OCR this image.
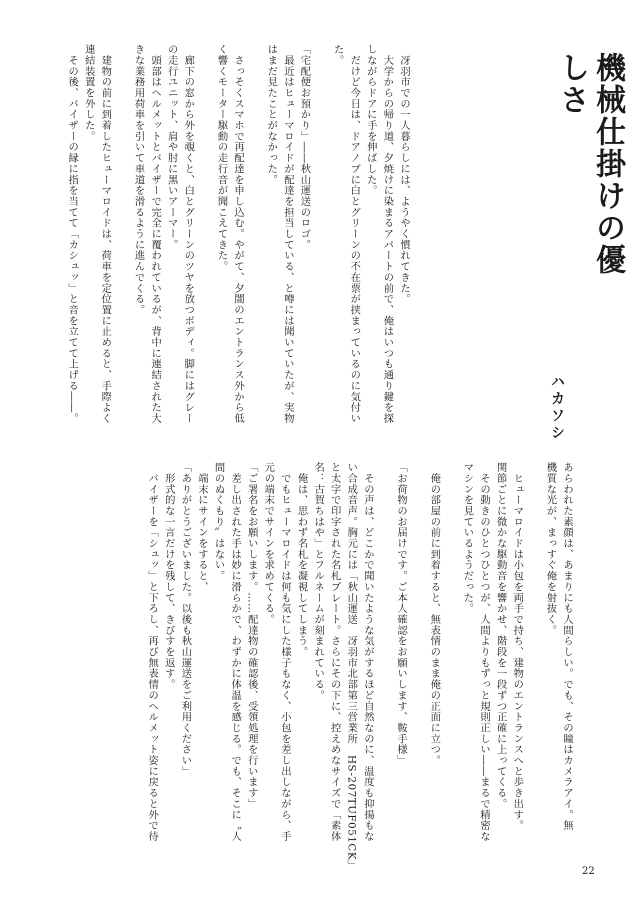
機械仕掛けの優しさ
ハカソシ

　冴羽市での一人暮らしには、ようやく慣れてきた。

　大学からの帰り道、夕焼けに染まるアパートの前で、俺はいつも通り鍵を探

しながらドアに手を伸ばした。

　だけど今日は、ドアノブに白とグリーンの不在票が挟まっているのに気付い

た。

「宅配便お預かり」――秋山運送のロゴ。

　最近はヒューマロイドが配達を担当している、と噂には聞いていたが、実物

はまだ見たことがなかった。

　さっそくスマホで再配達を申し込む。やがて、夕闇のエントランス外から低

く響くモーター駆動の走行音が聞こえてきた。

　廊下の窓から外を覗くと、白とグリーンのツヤを放つボディ。脚にはグレー

の走行ユニット、肩や肘に黒いアーマー。

　頭部はヘルメットとバイザーで完全に覆われているが、背中に連結された大

きな業務用荷車を引いて車道を滑るように進んでくる。

　建物の前に到着したヒューマロイドは、荷車を定位置に止めると、手際よく

連結装置を外した。

　その後、バイザーの縁に指を当てて「カシュッ」と音を立てて上げる――。

あらわれた素顔は、あまりにも人間らしい。でも、その瞳はカメラアイ。無

機質な光が、まっすぐ俺を射抜く。

　ヒューマロイドは小包を両手で持ち、建物のエントランスへと歩き出す。

関節ごとに微かな駆動音を響かせ、階段を一段ずつ正確に上ってくる。

　その動きのひとつひとつが、人間よりもずっと規則正しい――まるで精密な

マシンを見ているようだった。

　俺の部屋の前に到着すると、無表情のまま俺の正面に立つ。

「お荷物のお届けです。ご本人確認をお願いします、鞍手様」

　その声は、どこかで聞いたような気がするほど自然なのに、温度も抑揚もな

い合成音声。胸元には「秋山運送　冴羽市北部第三営業所　HS-207TUF051CK」

と太字で印字された名札プレート。さらにその下に、控えめなサイズで「素体

名：古賀ちはや」とフルネームが刻まれている。

　俺は、思わず名札を凝視してしまう。

　でもヒューマロイドは何も気にした様子もなく、小包を差し出しながら、手

元の端末でサインを求めてくる。

「ご署名をお願いします。……配達物の確認後、受領処理を行います」

　差し出された手は妙に滑らかで、わずかに体温を感じる。でも、そこに〝人

間のぬくもり〟はない。

　端末にサインをすると、

「ありがとうございました。以後も秋山運送をご利用ください」

　形式的な一言だけを残して、きびすを返す。

　バイザーを「シュッ」と下ろし、再び無表情のヘルメット姿に戻ると外で待

22
